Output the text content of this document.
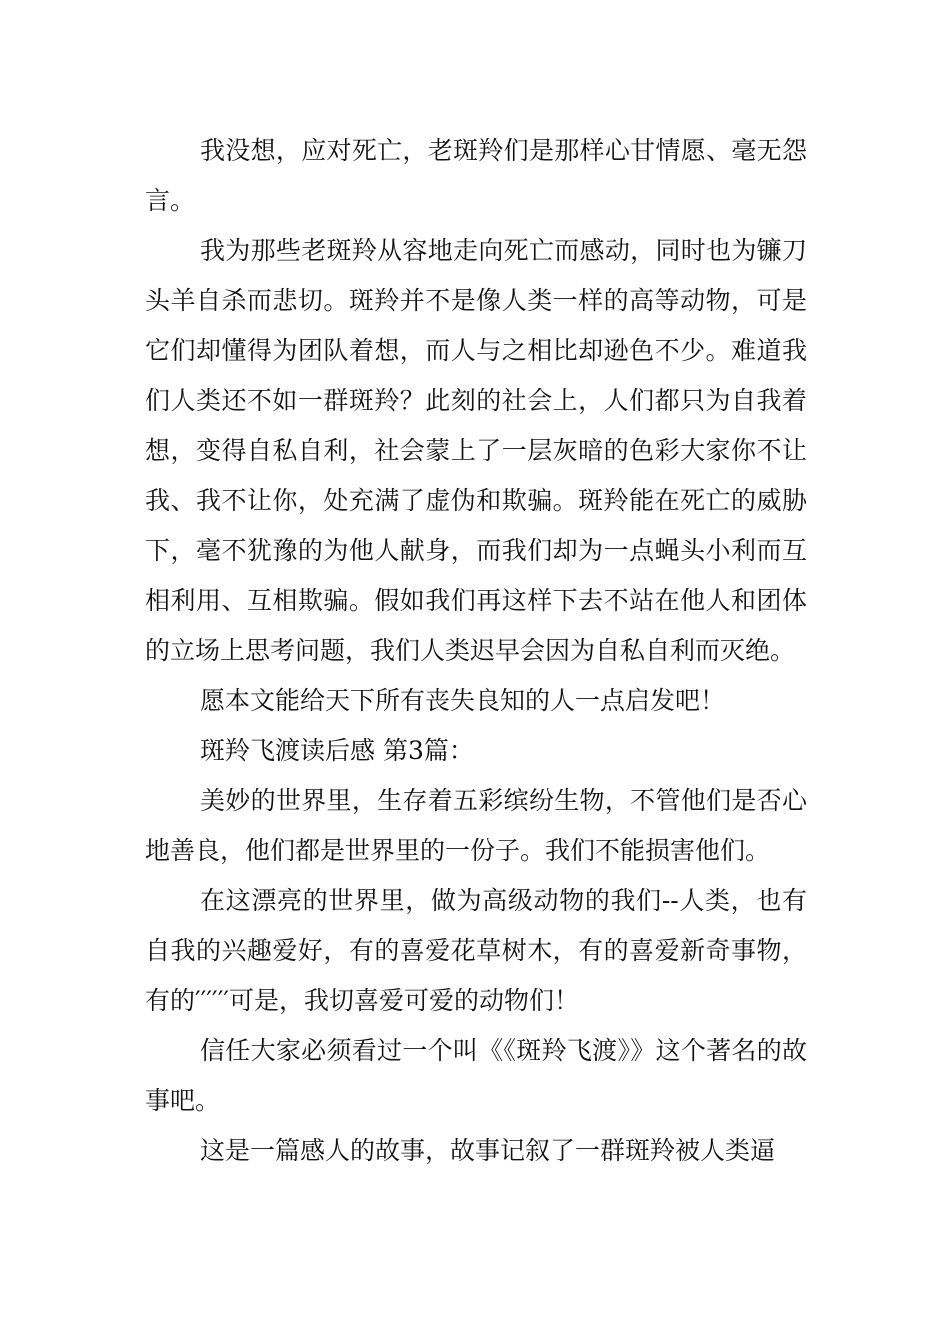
我没想，应对死亡，老斑羚们是那样心甘情愿、毫无怨言。

我为那些老斑羚从容地走向死亡而感动，同时也为镰刀头羊自杀而悲切。斑羚并不是像人类一样的高等动物，可是它们却懂得为团队着想，而人与之相比却逊色不少。难道我们人类还不如一群斑羚？此刻的社会上，人们都只为自我着想，变得自私自利，社会蒙上了一层灰暗的色彩大家你不让我、我不让你，处充满了虚伪和欺骗。斑羚能在死亡的威胁下，毫不犹豫的为他人献身，而我们却为一点蝇头小利而互相利用、互相欺骗。假如我们再这样下去不站在他人和团体的立场上思考问题，我们人类迟早会因为自私自利而灭绝。

愿本文能给天下所有丧失良知的人一点启发吧！

斑羚飞渡读后感 第3篇：

美妙的世界里，生存着五彩缤纷生物，不管他们是否心地善良，他们都是世界里的一份子。我们不能损害他们。

在这漂亮的世界里，做为高级动物的我们--人类，也有自我的兴趣爱好，有的喜爱花草树木，有的喜爱新奇事物，有的′′′′′′可是，我切喜爱可爱的动物们！

信任大家必须看过一个叫《《斑羚飞渡》》这个著名的故事吧。

这是一篇感人的故事，故事记叙了一群斑羚被人类逼
